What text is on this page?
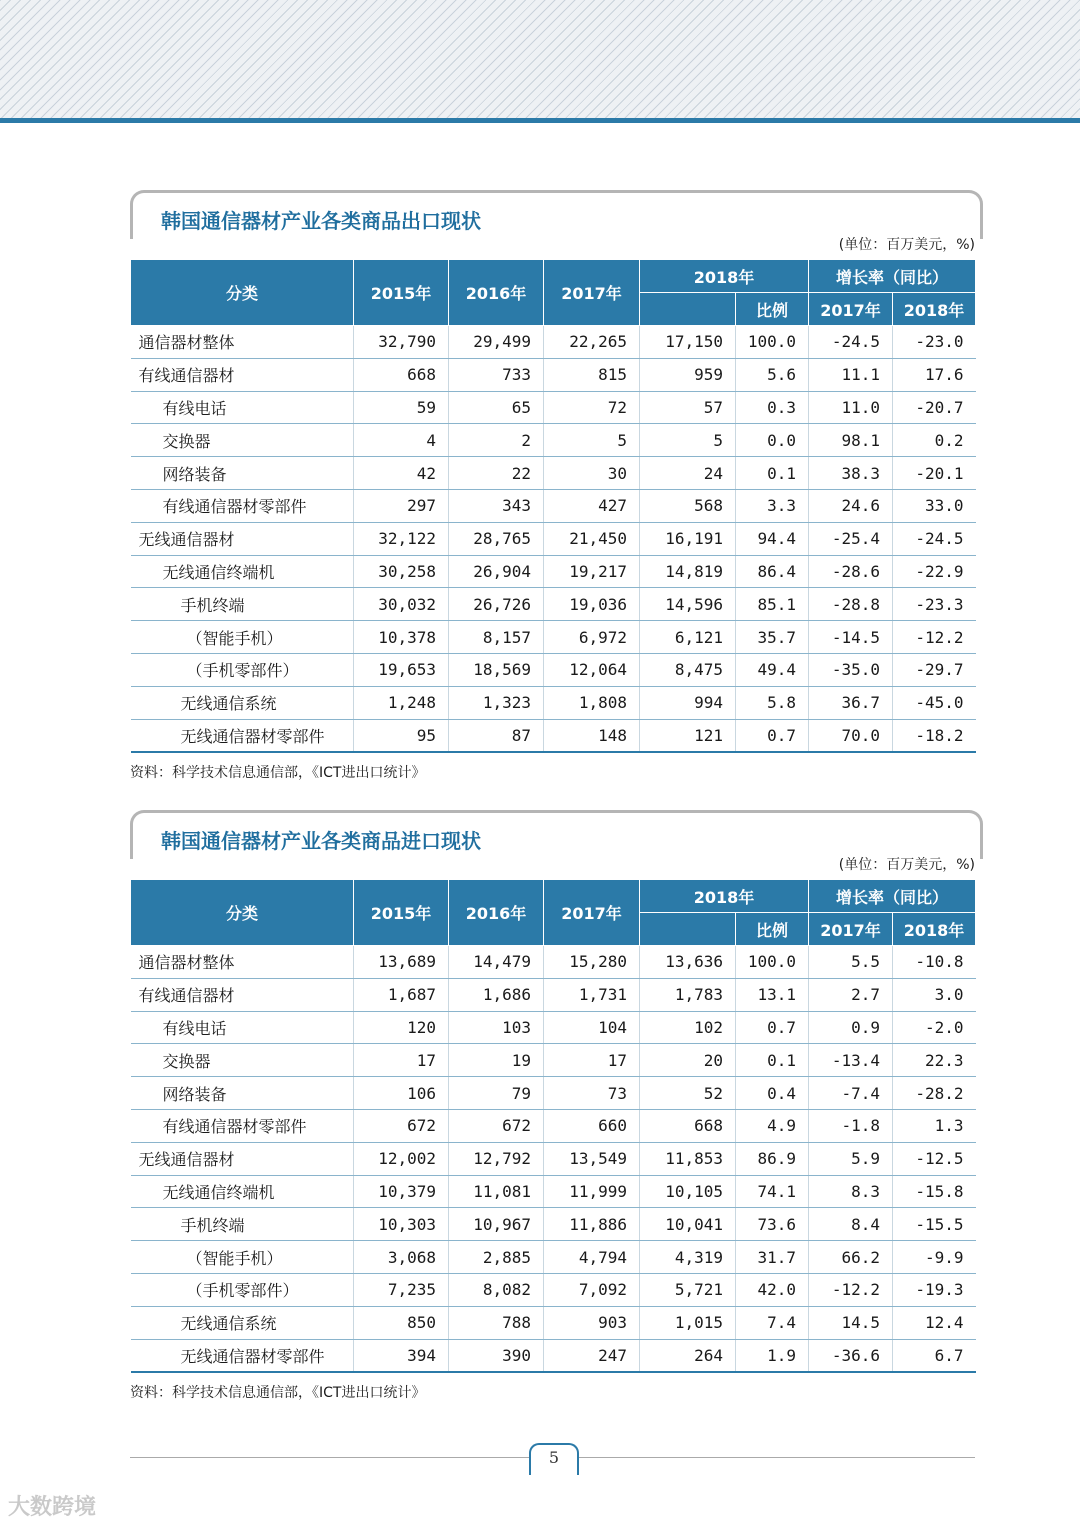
韩国通信器材产业各类商品出口现状
(单位：百万美元，%)
分类	2015年	2016年	2017年	2018年		增长率（同比）	
					比例	2017年	2018年
通信器材整体	32,790	29,499	22,265	17,150	100.0	-24.5	-23.0
有线通信器材	668	733	815	959	5.6	11.1	17.6
有线电话	59	65	72	57	0.3	11.0	-20.7
交换器	4	2	5	5	0.0	98.1	0.2
网络装备	42	22	30	24	0.1	38.3	-20.1
有线通信器材零部件	297	343	427	568	3.3	24.6	33.0
无线通信器材	32,122	28,765	21,450	16,191	94.4	-25.4	-24.5
无线通信终端机	30,258	26,904	19,217	14,819	86.4	-28.6	-22.9
手机终端	30,032	26,726	19,036	14,596	85.1	-28.8	-23.3
（智能手机）	10,378	8,157	6,972	6,121	35.7	-14.5	-12.2
（手机零部件）	19,653	18,569	12,064	8,475	49.4	-35.0	-29.7
无线通信系统	1,248	1,323	1,808	994	5.8	36.7	-45.0
无线通信器材零部件	95	87	148	121	0.7	70.0	-18.2
资料：科学技术信息通信部，《ICT进出口统计》
韩国通信器材产业各类商品进口现状
(单位：百万美元，%)
分类	2015年	2016年	2017年	2018年		增长率（同比）	
					比例	2017年	2018年
通信器材整体	13,689	14,479	15,280	13,636	100.0	5.5	-10.8
有线通信器材	1,687	1,686	1,731	1,783	13.1	2.7	3.0
有线电话	120	103	104	102	0.7	0.9	-2.0
交换器	17	19	17	20	0.1	-13.4	22.3
网络装备	106	79	73	52	0.4	-7.4	-28.2
有线通信器材零部件	672	672	660	668	4.9	-1.8	1.3
无线通信器材	12,002	12,792	13,549	11,853	86.9	5.9	-12.5
无线通信终端机	10,379	11,081	11,999	10,105	74.1	8.3	-15.8
手机终端	10,303	10,967	11,886	10,041	73.6	8.4	-15.5
（智能手机）	3,068	2,885	4,794	4,319	31.7	66.2	-9.9
（手机零部件）	7,235	8,082	7,092	5,721	42.0	-12.2	-19.3
无线通信系统	850	788	903	1,015	7.4	14.5	12.4
无线通信器材零部件	394	390	247	264	1.9	-36.6	6.7
资料：科学技术信息通信部，《ICT进出口统计》
5
大数跨境
